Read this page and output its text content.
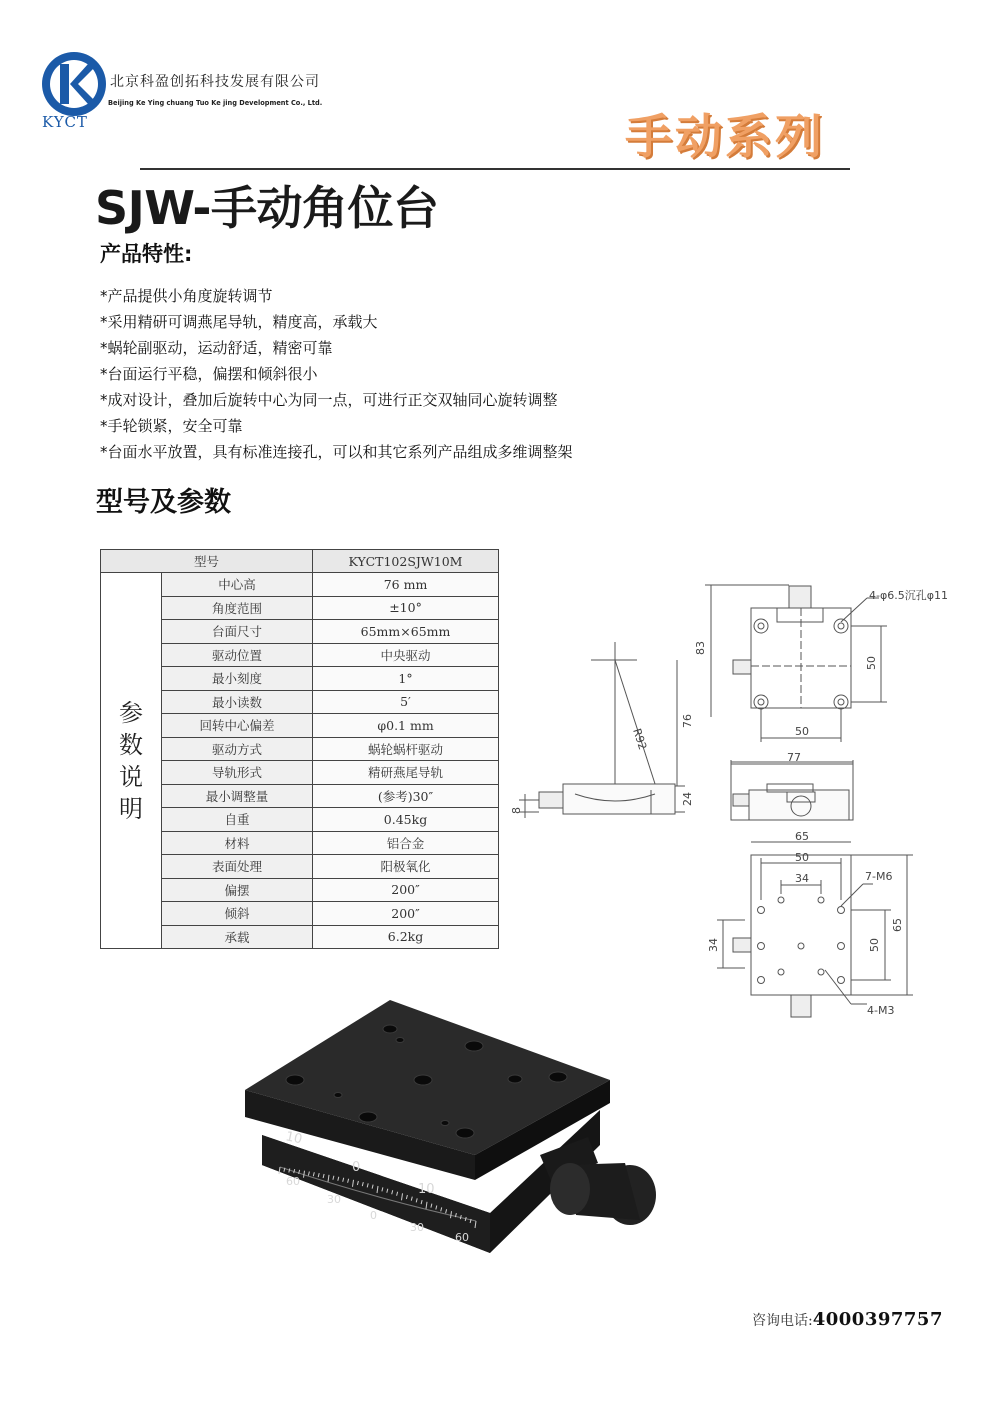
KYCT
北京科盈创拓科技发展有限公司
Beijing Ke Ying chuang Tuo Ke jing Development Co., Ltd.
手动系列
SJW-手动角位台
产品特性:
*产品提供小角度旋转调节
*采用精研可调燕尾导轨，精度高，承载大
*蜗轮副驱动，运动舒适，精密可靠
*台面运行平稳，偏摆和倾斜很小
*成对设计，叠加后旋转中心为同一点，可进行正交双轴同心旋转调整
*手轮锁紧，安全可靠
*台面水平放置，具有标准连接孔，可以和其它系列产品组成多维调整架
型号及参数
型号		KYCT102SJW10M

参
数
说
明	中心高	76 mm
	角度范围	±10°
	台面尺寸	65mm×65mm
	驱动位置	中央驱动
	最小刻度	1°
	最小读数	5′
	回转中心偏差	φ0.1 mm
	驱动方式	蜗轮蜗杆驱动
	导轨形式	精研燕尾导轨
	最小调整量	(参考)30″
	自重	0.45kg
	材料	铝合金
	表面处理	阳极氧化
	偏摆	200″
	倾斜	200″
	承载	6.2kg
4-φ6.5沉孔φ11
83
50
50
76
R92
8
24
77
65
50
34	7-M6
34	50
65
4-M3
10
0
10
60
30
0
30
60
咨询电话:4000397757
